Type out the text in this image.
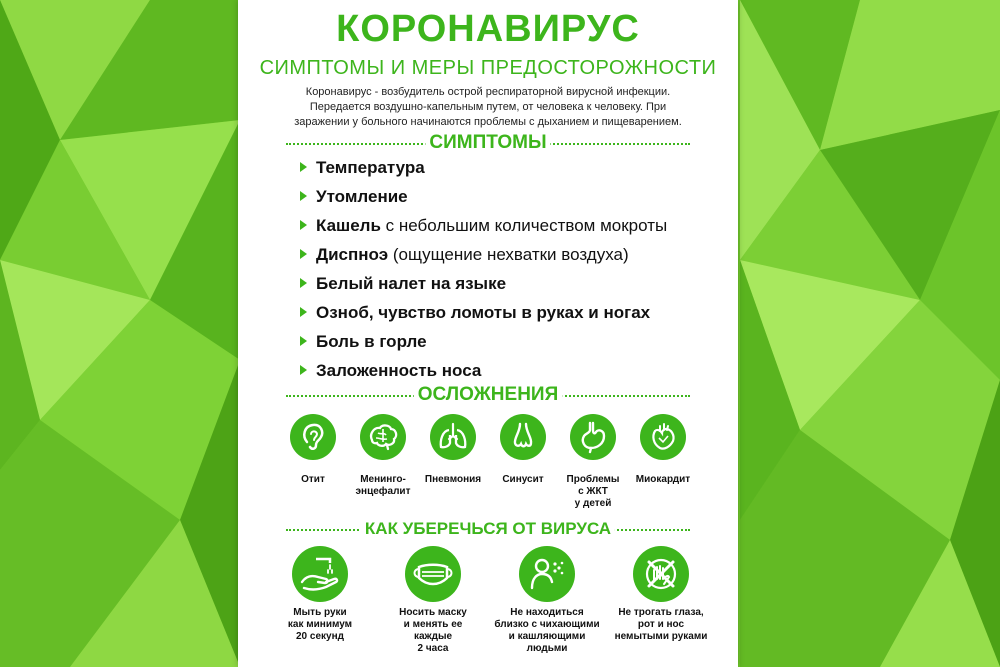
КОРОНАВИРУС
СИМПТОМЫ И МЕРЫ ПРЕДОСТОРОЖНОСТИ
Коронавирус - возбудитель острой респираторной вирусной инфекции.
Передается воздушно-капельным путем, от человека к человеку. При
заражении у больного начинаются проблемы с дыханием и пищеварением.
СИМПТОМЫ
Температура
Утомление
Кашель с небольшим количеством мокроты
Диспноэ (ощущение нехватки воздуха)
Белый налет на языке
Озноб, чувство ломоты в руках и ногах
Боль в горле
Заложенность носа
ОСЛОЖНЕНИЯ
Отит	Менинго-
энцефалит
Пневмония	Синусит	Проблемы
с ЖКТ
у детей
Миокардит
КАК УБЕРЕЧЬСЯ ОТ ВИРУСА
Мыть руки
как минимум
20 секунд
Носить маску
и менять ее
каждые
2 часа
Не находиться
близко с чихающими
и кашляющими
людьми
Не трогать глаза,
рот и нос
немытыми руками
